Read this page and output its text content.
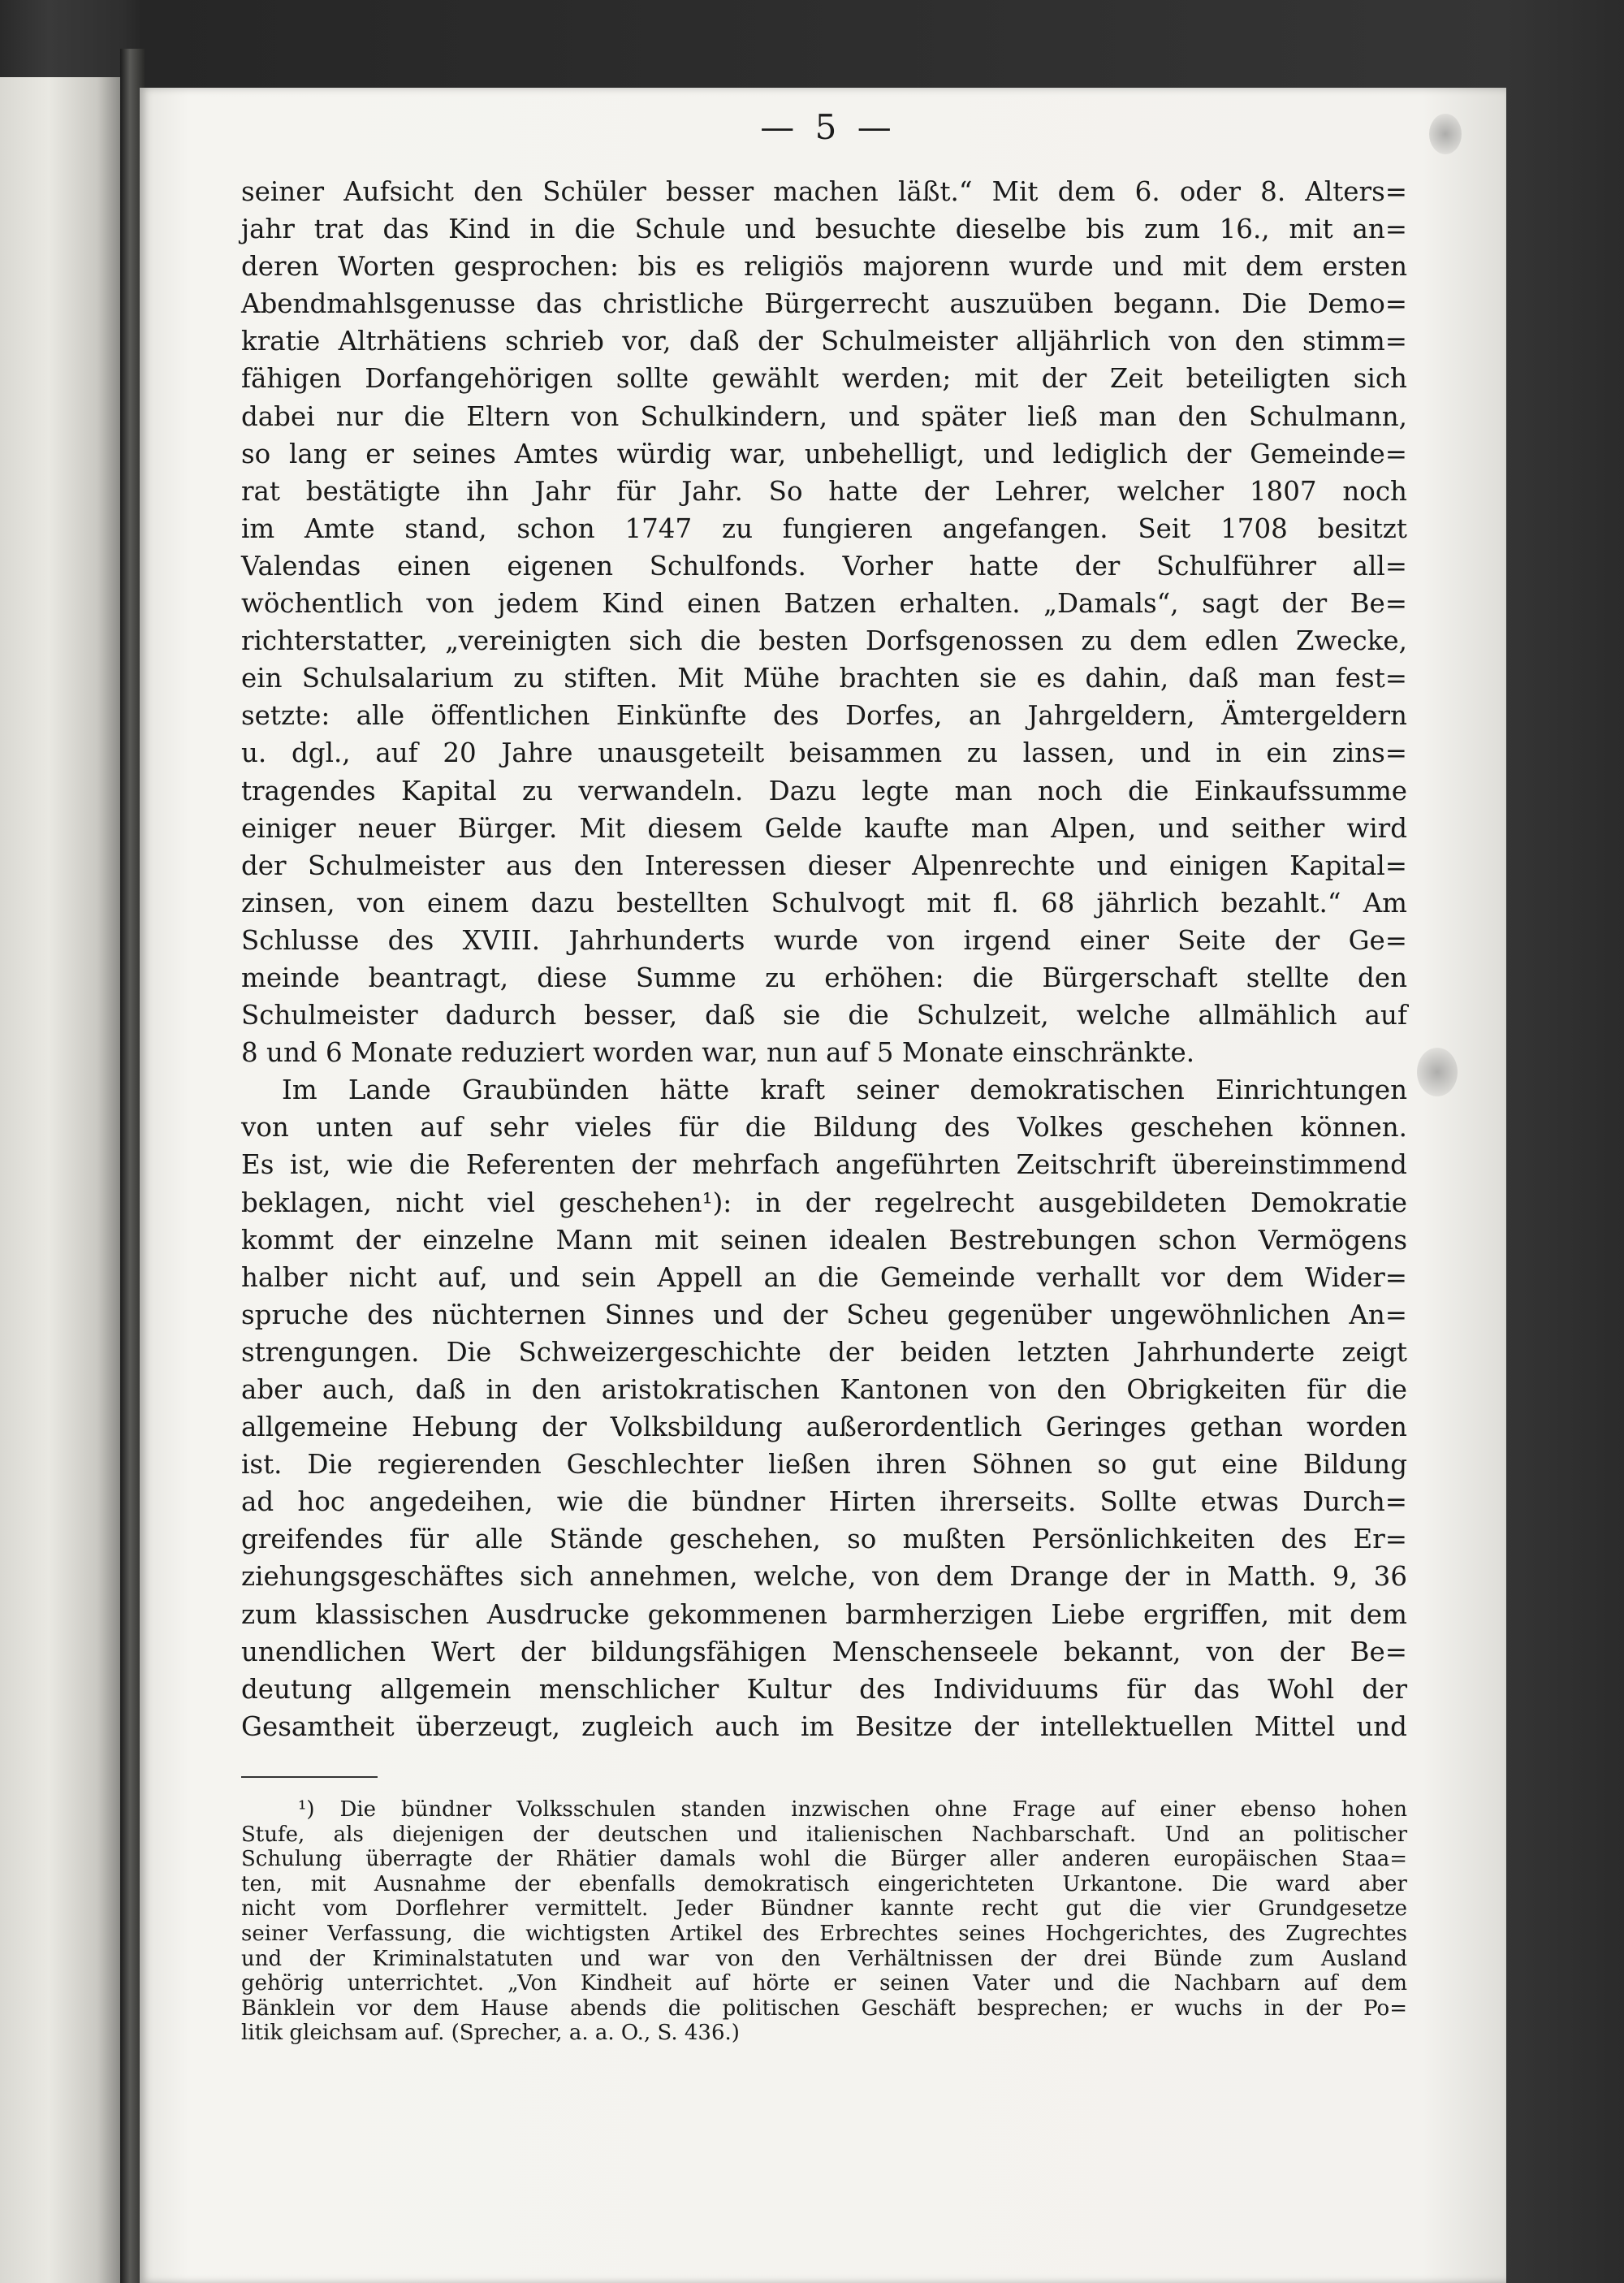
— 5 —
seiner Aufsicht den Schüler besser machen läßt.“ Mit dem 6. oder 8. Alters=
jahr trat das Kind in die Schule und besuchte dieselbe bis zum 16., mit an=
deren Worten gesprochen: bis es religiös majorenn wurde und mit dem ersten
Abendmahlsgenusse das christliche Bürgerrecht auszuüben begann. Die Demo=
kratie Altrhätiens schrieb vor, daß der Schulmeister alljährlich von den stimm=
fähigen Dorfangehörigen sollte gewählt werden; mit der Zeit beteiligten sich
dabei nur die Eltern von Schulkindern, und später ließ man den Schulmann,
so lang er seines Amtes würdig war, unbehelligt, und lediglich der Gemeinde=
rat bestätigte ihn Jahr für Jahr. So hatte der Lehrer, welcher 1807 noch
im Amte stand, schon 1747 zu fungieren angefangen. Seit 1708 besitzt
Valendas einen eigenen Schulfonds. Vorher hatte der Schulführer all=
wöchentlich von jedem Kind einen Batzen erhalten. „Damals“, sagt der Be=
richterstatter, „vereinigten sich die besten Dorfsgenossen zu dem edlen Zwecke,
ein Schulsalarium zu stiften. Mit Mühe brachten sie es dahin, daß man fest=
setzte: alle öffentlichen Einkünfte des Dorfes, an Jahrgeldern, Ämtergeldern
u. dgl., auf 20 Jahre unausgeteilt beisammen zu lassen, und in ein zins=
tragendes Kapital zu verwandeln. Dazu legte man noch die Einkaufssumme
einiger neuer Bürger. Mit diesem Gelde kaufte man Alpen, und seither wird
der Schulmeister aus den Interessen dieser Alpenrechte und einigen Kapital=
zinsen, von einem dazu bestellten Schulvogt mit fl. 68 jährlich bezahlt.“ Am
Schlusse des XVIII. Jahrhunderts wurde von irgend einer Seite der Ge=
meinde beantragt, diese Summe zu erhöhen: die Bürgerschaft stellte den
Schulmeister dadurch besser, daß sie die Schulzeit, welche allmählich auf
8 und 6 Monate reduziert worden war, nun auf 5 Monate einschränkte.
Im Lande Graubünden hätte kraft seiner demokratischen Einrichtungen
von unten auf sehr vieles für die Bildung des Volkes geschehen können.
Es ist, wie die Referenten der mehrfach angeführten Zeitschrift übereinstimmend
beklagen, nicht viel geschehen¹): in der regelrecht ausgebildeten Demokratie
kommt der einzelne Mann mit seinen idealen Bestrebungen schon Vermögens
halber nicht auf, und sein Appell an die Gemeinde verhallt vor dem Wider=
spruche des nüchternen Sinnes und der Scheu gegenüber ungewöhnlichen An=
strengungen. Die Schweizergeschichte der beiden letzten Jahrhunderte zeigt
aber auch, daß in den aristokratischen Kantonen von den Obrigkeiten für die
allgemeine Hebung der Volksbildung außerordentlich Geringes gethan worden
ist. Die regierenden Geschlechter ließen ihren Söhnen so gut eine Bildung
ad hoc angedeihen, wie die bündner Hirten ihrerseits. Sollte etwas Durch=
greifendes für alle Stände geschehen, so mußten Persönlichkeiten des Er=
ziehungsgeschäftes sich annehmen, welche, von dem Drange der in Matth. 9, 36
zum klassischen Ausdrucke gekommenen barmherzigen Liebe ergriffen, mit dem
unendlichen Wert der bildungsfähigen Menschenseele bekannt, von der Be=
deutung allgemein menschlicher Kultur des Individuums für das Wohl der
Gesamtheit überzeugt, zugleich auch im Besitze der intellektuellen Mittel und
¹) Die bündner Volksschulen standen inzwischen ohne Frage auf einer ebenso hohen
Stufe, als diejenigen der deutschen und italienischen Nachbarschaft. Und an politischer
Schulung überragte der Rhätier damals wohl die Bürger aller anderen europäischen Staa=
ten, mit Ausnahme der ebenfalls demokratisch eingerichteten Urkantone. Die ward aber
nicht vom Dorflehrer vermittelt. Jeder Bündner kannte recht gut die vier Grundgesetze
seiner Verfassung, die wichtigsten Artikel des Erbrechtes seines Hochgerichtes, des Zugrechtes
und der Kriminalstatuten und war von den Verhältnissen der drei Bünde zum Ausland
gehörig unterrichtet. „Von Kindheit auf hörte er seinen Vater und die Nachbarn auf dem
Bänklein vor dem Hause abends die politischen Geschäft besprechen; er wuchs in der Po=
litik gleichsam auf. (Sprecher, a. a. O., S. 436.)
